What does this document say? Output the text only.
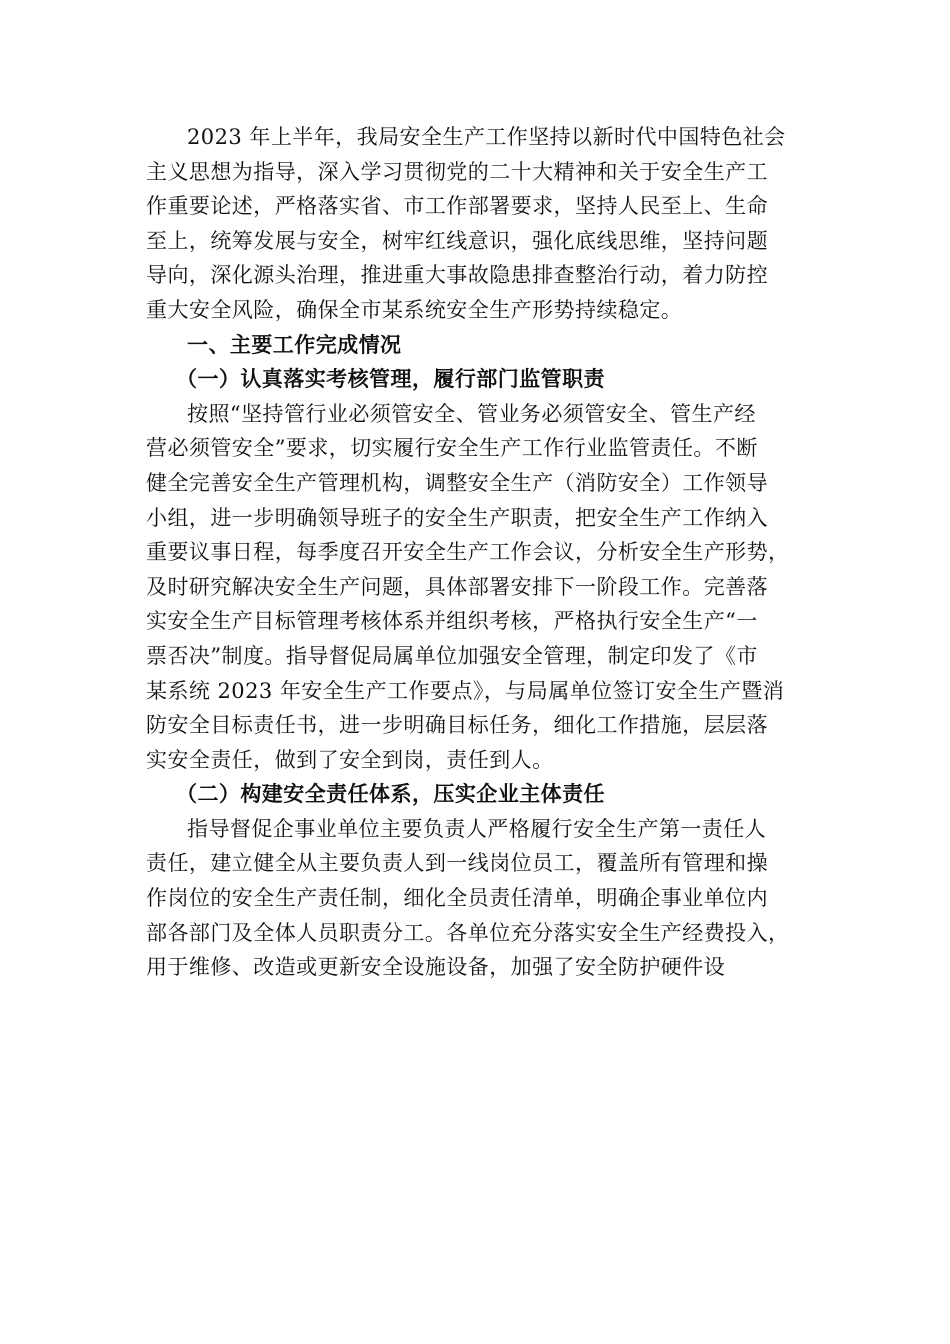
2023 年上半年，我局安全生产工作坚持以新时代中国特色社会
主义思想为指导，深入学习贯彻党的二十大精神和关于安全生产工
作重要论述，严格落实省、市工作部署要求，坚持人民至上、生命
至上，统筹发展与安全，树牢红线意识，强化底线思维，坚持问题
导向，深化源头治理，推进重大事故隐患排查整治行动，着力防控
重大安全风险，确保全市某系统安全生产形势持续稳定。
一、主要工作完成情况
（一）认真落实考核管理，履行部门监管职责
按照“坚持管行业必须管安全、管业务必须管安全、管生产经
营必须管安全”要求，切实履行安全生产工作行业监管责任。不断
健全完善安全生产管理机构，调整安全生产（消防安全）工作领导
小组，进一步明确领导班子的安全生产职责，把安全生产工作纳入
重要议事日程，每季度召开安全生产工作会议，分析安全生产形势，
及时研究解决安全生产问题，具体部署安排下一阶段工作。完善落
实安全生产目标管理考核体系并组织考核，严格执行安全生产“一
票否决”制度。指导督促局属单位加强安全管理，制定印发了《市
某系统 2023 年安全生产工作要点》，与局属单位签订安全生产暨消
防安全目标责任书，进一步明确目标任务，细化工作措施，层层落
实安全责任，做到了安全到岗，责任到人。
（二）构建安全责任体系，压实企业主体责任
指导督促企事业单位主要负责人严格履行安全生产第一责任人
责任，建立健全从主要负责人到一线岗位员工，覆盖所有管理和操
作岗位的安全生产责任制，细化全员责任清单，明确企事业单位内
部各部门及全体人员职责分工。各单位充分落实安全生产经费投入，
用于维修、改造或更新安全设施设备，加强了安全防护硬件设
